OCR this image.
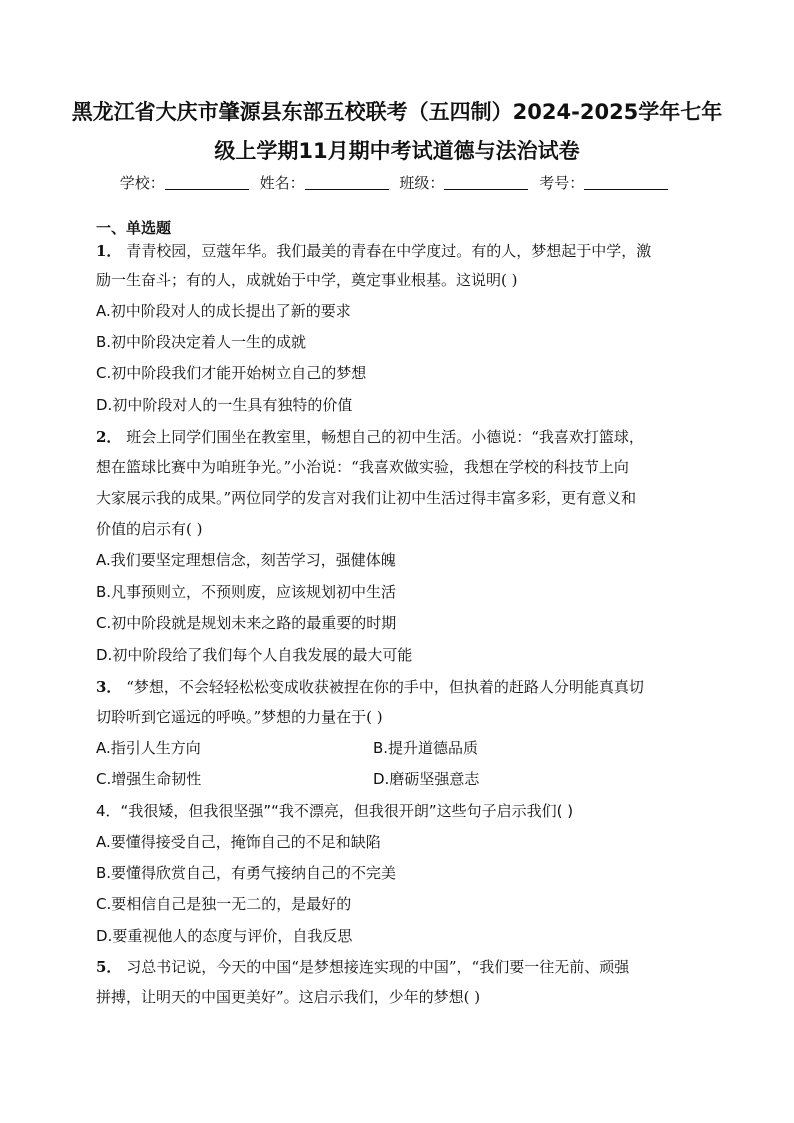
黑龙江省大庆市肇源县东部五校联考（五四制）2024-2025学年七年
级上学期11月期中考试道德与法治试卷
学校：	姓名：	班级：	考号：
一、单选题
1． 青青校园，豆蔻年华。我们最美的青春在中学度过。有的人，梦想起于中学，激
励一生奋斗；有的人，成就始于中学，奠定事业根基。这说明( )
A.初中阶段对人的成长提出了新的要求
B.初中阶段决定着人一生的成就
C.初中阶段我们才能开始树立自己的梦想
D.初中阶段对人的一生具有独特的价值
2． 班会上同学们围坐在教室里，畅想自己的初中生活。小德说：“我喜欢打篮球，
想在篮球比赛中为咱班争光。”小治说：“我喜欢做实验，我想在学校的科技节上向
大家展示我的成果。”两位同学的发言对我们让初中生活过得丰富多彩，更有意义和
价值的启示有( )
A.我们要坚定理想信念，刻苦学习，强健体魄
B.凡事预则立，不预则废，应该规划初中生活
C.初中阶段就是规划未来之路的最重要的时期
D.初中阶段给了我们每个人自我发展的最大可能
3． “梦想，不会轻轻松松变成收获被捏在你的手中，但执着的赶路人分明能真真切
切聆听到它遥远的呼唤。”梦想的力量在于( )
A.指引人生方向	B.提升道德品质
C.增强生命韧性	D.磨砺坚强意志
4．“我很矮，但我很坚强”“我不漂亮，但我很开朗”这些句子启示我们( )
A.要懂得接受自己，掩饰自己的不足和缺陷
B.要懂得欣赏自己，有勇气接纳自己的不完美
C.要相信自己是独一无二的，是最好的
D.要重视他人的态度与评价，自我反思
5． 习总书记说，今天的中国“是梦想接连实现的中国”，“我们要一往无前、顽强
拼搏，让明天的中国更美好”。这启示我们，少年的梦想( )
